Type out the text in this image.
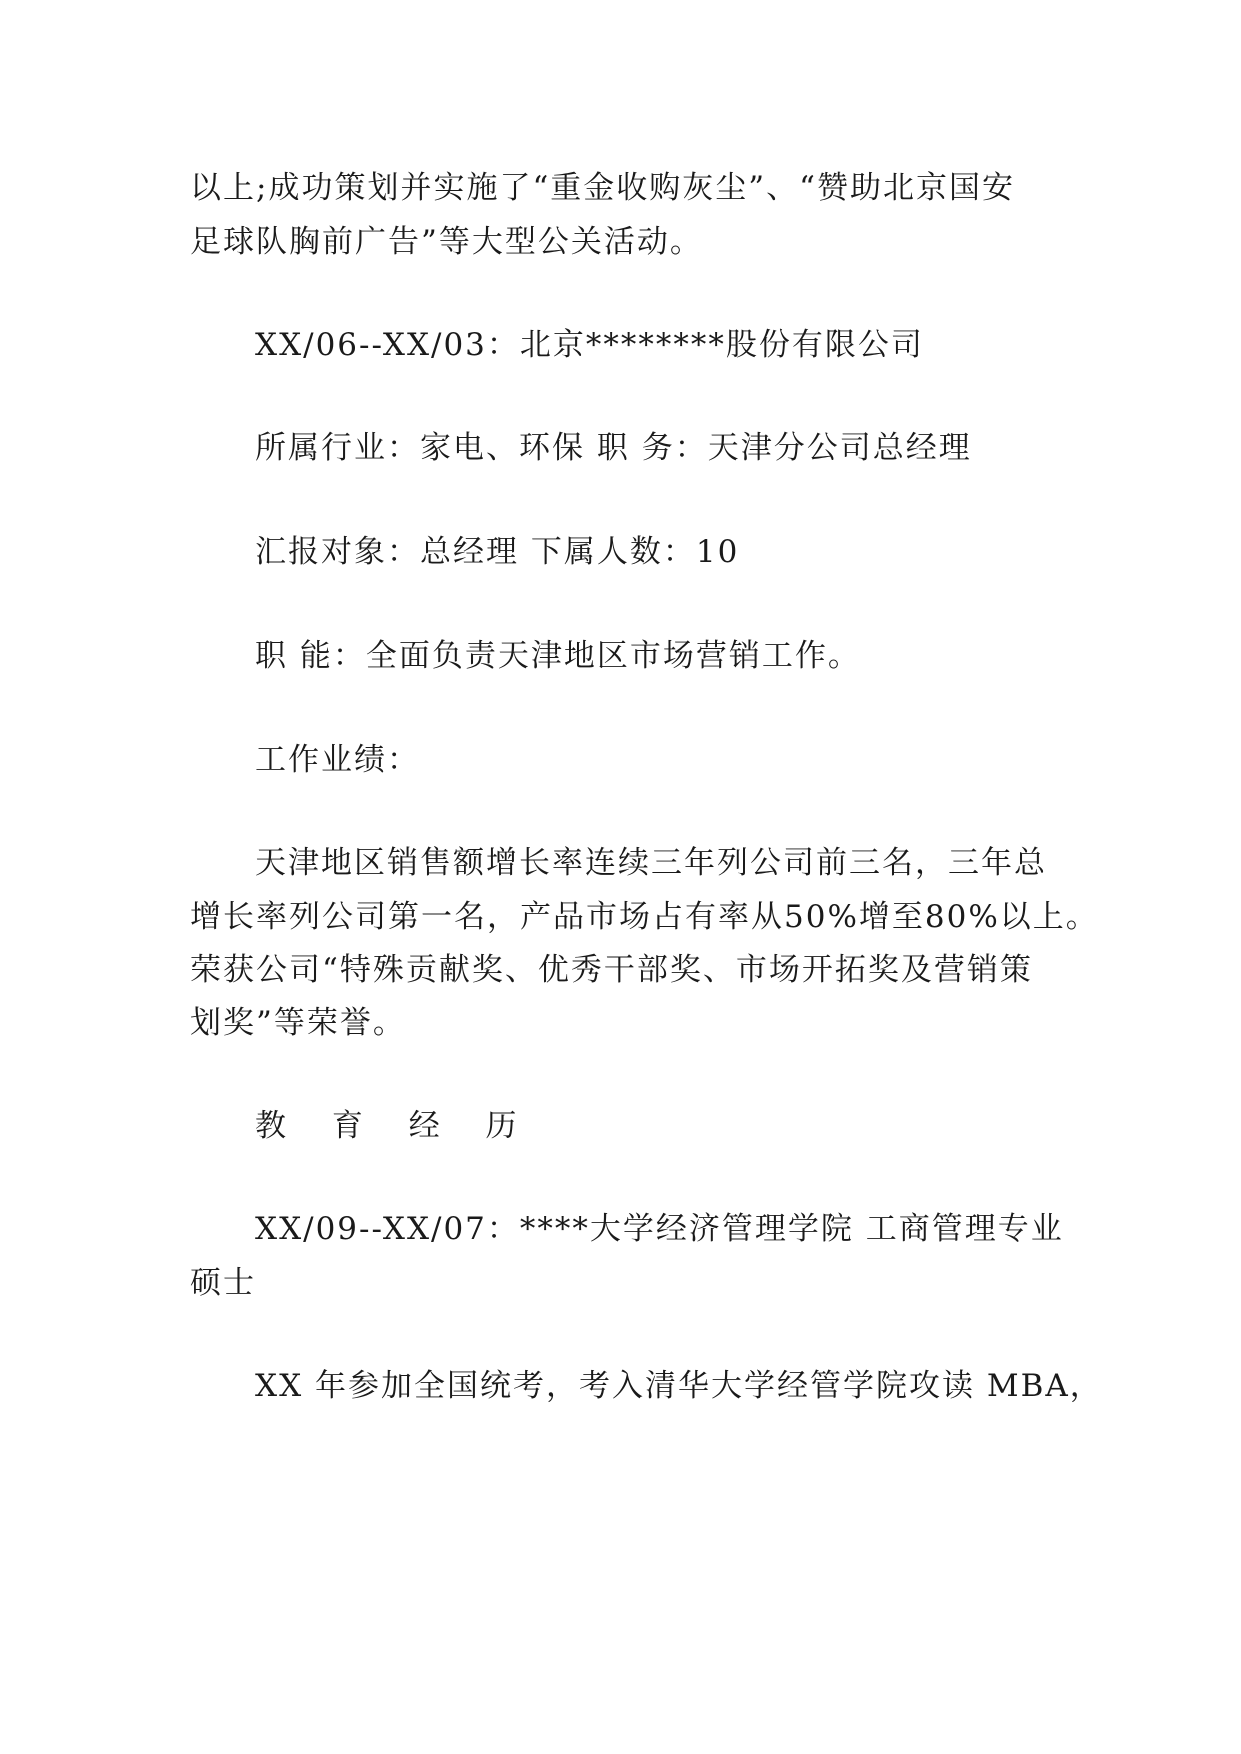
以上;成功策划并实施了“重金收购灰尘”、“赞助北京国安
足球队胸前广告”等大型公关活动。
XX/06--XX/03：北京********股份有限公司
所属行业：家电、环保 职 务：天津分公司总经理
汇报对象：总经理 下属人数：10
职 能：全面负责天津地区市场营销工作。
工作业绩：
天津地区销售额增长率连续三年列公司前三名，三年总
增长率列公司第一名，产品市场占有率从50%增至80%以上。
荣获公司“特殊贡献奖、优秀干部奖、市场开拓奖及营销策
划奖”等荣誉。
教 育 经 历
XX/09--XX/07：****大学经济管理学院 工商管理专业
硕士
XX 年参加全国统考，考入清华大学经管学院攻读 MBA，
